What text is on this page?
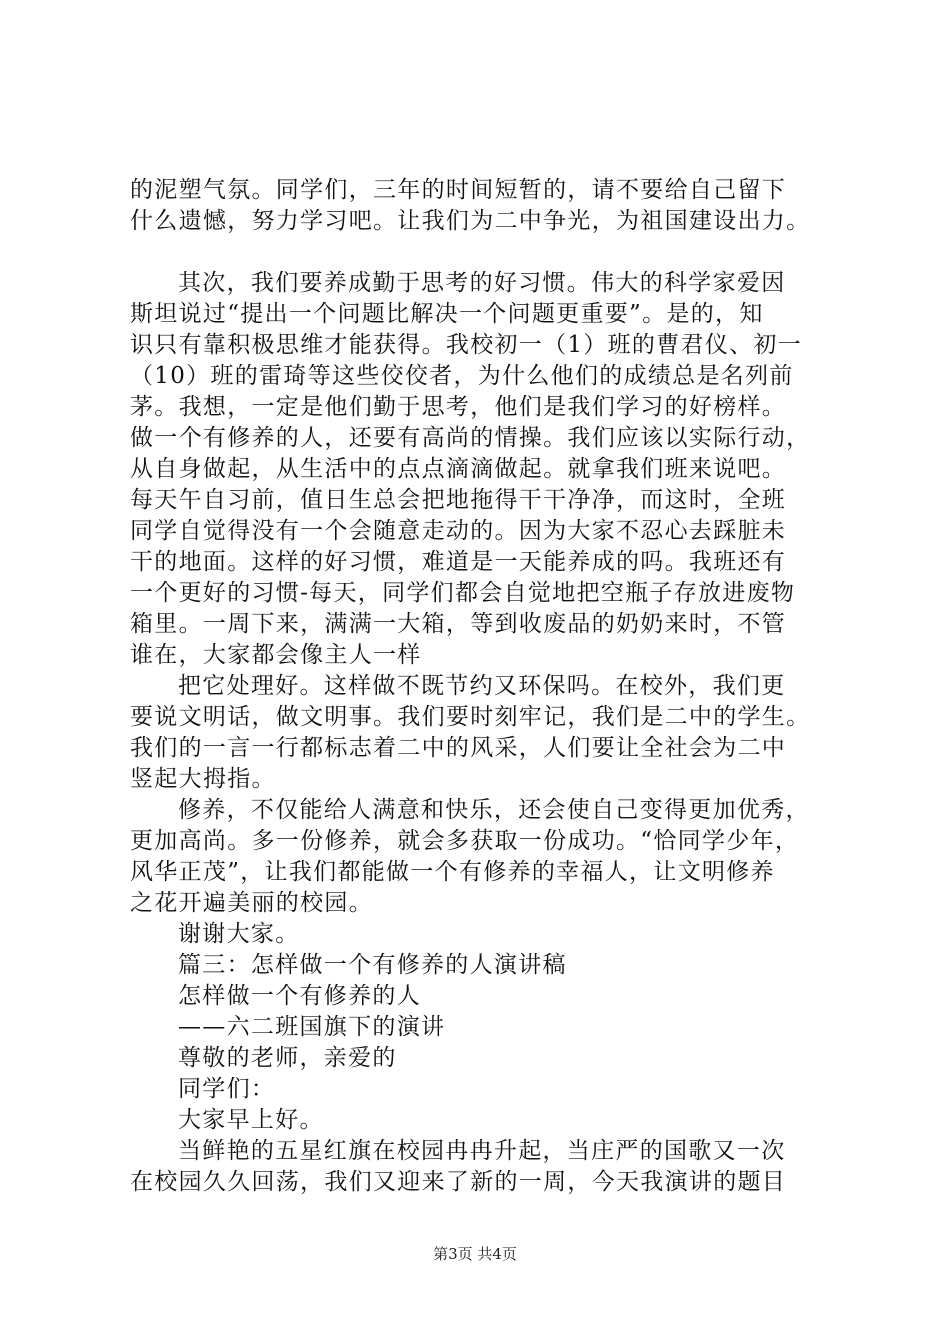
的泥塑气氛。同学们，三年的时间短暂的，请不要给自己留下
什么遗憾，努力学习吧。让我们为二中争光，为祖国建设出力。
其次，我们要养成勤于思考的好习惯。伟大的科学家爱因
斯坦说过“提出一个问题比解决一个问题更重要”。是的，知
识只有靠积极思维才能获得。我校初一（1）班的曹君仪、初一
（10）班的雷琦等这些佼佼者，为什么他们的成绩总是名列前
茅。我想，一定是他们勤于思考，他们是我们学习的好榜样。
做一个有修养的人，还要有高尚的情操。我们应该以实际行动，
从自身做起，从生活中的点点滴滴做起。就拿我们班来说吧。
每天午自习前，值日生总会把地拖得干干净净，而这时，全班
同学自觉得没有一个会随意走动的。因为大家不忍心去踩脏未
干的地面。这样的好习惯，难道是一天能养成的吗。我班还有
一个更好的习惯-每天，同学们都会自觉地把空瓶子存放进废物
箱里。一周下来，满满一大箱，等到收废品的奶奶来时，不管
谁在，大家都会像主人一样
把它处理好。这样做不既节约又环保吗。在校外，我们更
要说文明话，做文明事。我们要时刻牢记，我们是二中的学生。
我们的一言一行都标志着二中的风采，人们要让全社会为二中
竖起大拇指。
修养，不仅能给人满意和快乐，还会使自己变得更加优秀，
更加高尚。多一份修养，就会多获取一份成功。“恰同学少年，
风华正茂”，让我们都能做一个有修养的幸福人，让文明修养
之花开遍美丽的校园。
谢谢大家。
篇三：怎样做一个有修养的人演讲稿
怎样做一个有修养的人
——六二班国旗下的演讲
尊敬的老师，亲爱的
同学们：
大家早上好。
当鲜艳的五星红旗在校园冉冉升起，当庄严的国歌又一次
在校园久久回荡，我们又迎来了新的一周，今天我演讲的题目
第3页 共4页
